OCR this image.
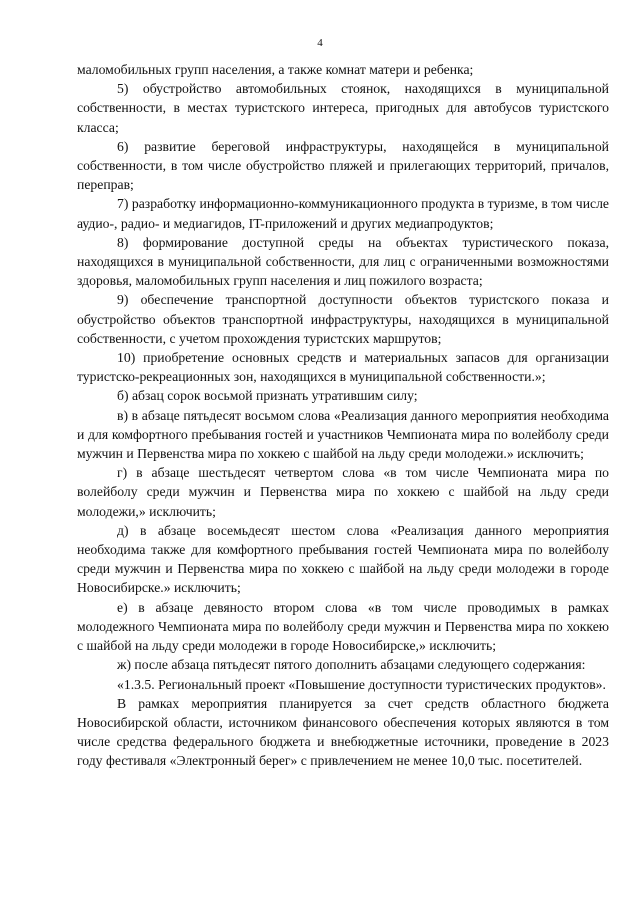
4

маломобильных групп населения, а также комнат матери и ребенка;

5) обустройство автомобильных стоянок, находящихся в муниципальной собственности, в местах туристского интереса, пригодных для автобусов туристского класса;

6) развитие береговой инфраструктуры, находящейся в муниципальной собственности, в том числе обустройство пляжей и прилегающих территорий, причалов, переправ;

7) разработку информационно-коммуникационного продукта в туризме, в том числе аудио-, радио- и медиагидов, IT-приложений и других медиапродуктов;

8) формирование доступной среды на объектах туристического показа, находящихся в муниципальной собственности, для лиц с ограниченными возможностями здоровья, маломобильных групп населения и лиц пожилого возраста;

9) обеспечение транспортной доступности объектов туристского показа и обустройство объектов транспортной инфраструктуры, находящихся в муниципальной собственности, с учетом прохождения туристских маршрутов;

10) приобретение основных средств и материальных запасов для организации туристско-рекреационных зон, находящихся в муниципальной собственности.»;

б) абзац сорок восьмой признать утратившим силу;

в) в абзаце пятьдесят восьмом слова «Реализация данного мероприятия необходима и для комфортного пребывания гостей и участников Чемпионата мира по волейболу среди мужчин и Первенства мира по хоккею с шайбой на льду среди молодежи.» исключить;

г) в абзаце шестьдесят четвертом слова «в том числе Чемпионата мира по волейболу среди мужчин и Первенства мира по хоккею с шайбой на льду среди молодежи,» исключить;

д) в абзаце восемьдесят шестом слова «Реализация данного мероприятия необходима также для комфортного пребывания гостей Чемпионата мира по волейболу среди мужчин и Первенства мира по хоккею с шайбой на льду среди молодежи в городе Новосибирске.» исключить;

е) в абзаце девяносто втором слова «в том числе проводимых в рамках молодежного Чемпионата мира по волейболу среди мужчин и Первенства мира по хоккею с шайбой на льду среди молодежи в городе Новосибирске,» исключить;

ж) после абзаца пятьдесят пятого дополнить абзацами следующего содержания:

«1.3.5. Региональный проект «Повышение доступности туристических продуктов».

В рамках мероприятия планируется за счет средств областного бюджета Новосибирской области, источником финансового обеспечения которых являются в том числе средства федерального бюджета и внебюджетные источники, проведение в 2023 году фестиваля «Электронный берег» с привлечением не менее 10,0 тыс. посетителей.
